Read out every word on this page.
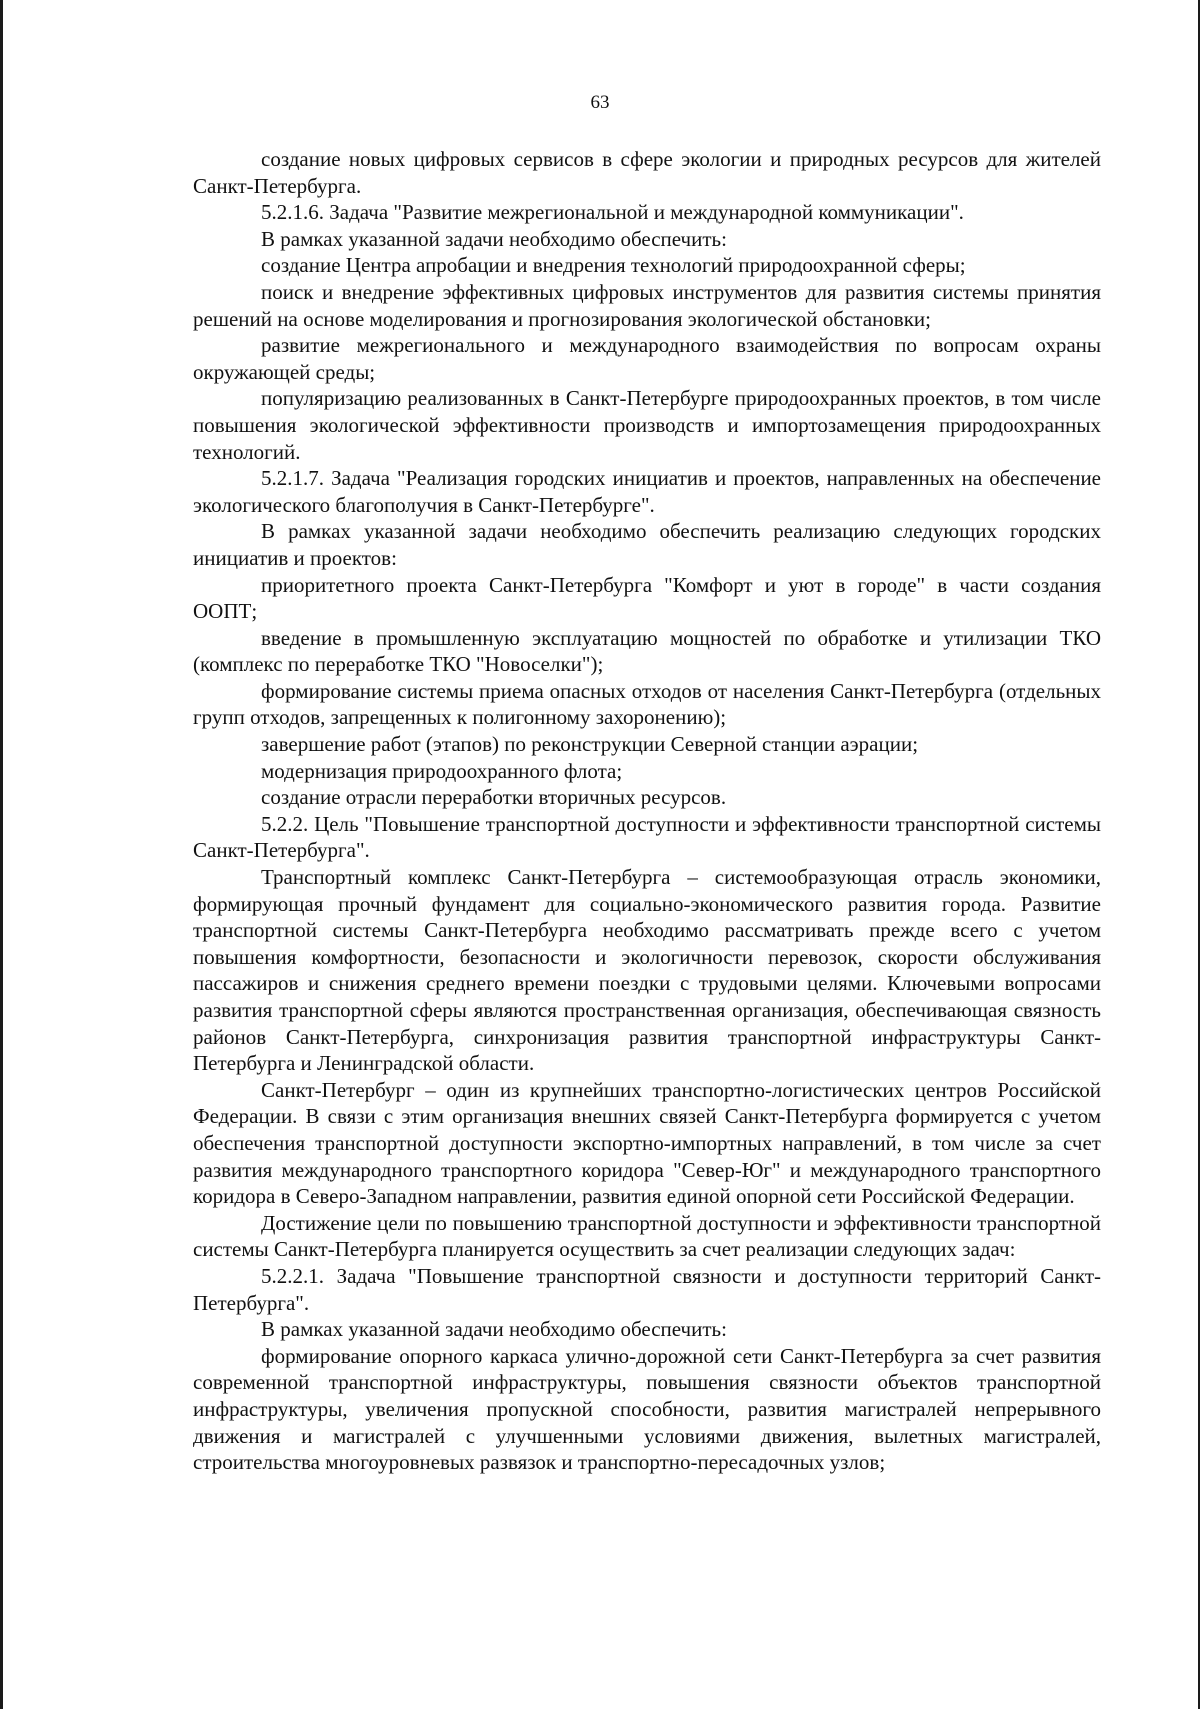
63

создание новых цифровых сервисов в сфере экологии и природных ресурсов для жителей Санкт-Петербурга.

5.2.1.6. Задача "Развитие межрегиональной и международной коммуникации".

В рамках указанной задачи необходимо обеспечить:

создание Центра апробации и внедрения технологий природоохранной сферы;

поиск и внедрение эффективных цифровых инструментов для развития системы принятия решений на основе моделирования и прогнозирования экологической обстановки;

развитие межрегионального и международного взаимодействия по вопросам охраны окружающей среды;

популяризацию реализованных в Санкт-Петербурге природоохранных проектов, в том числе повышения экологической эффективности производств и импортозамещения природоохранных технологий.

5.2.1.7. Задача "Реализация городских инициатив и проектов, направленных на обеспечение экологического благополучия в Санкт-Петербурге".

В рамках указанной задачи необходимо обеспечить реализацию следующих городских инициатив и проектов:

приоритетного проекта Санкт-Петербурга "Комфорт и уют в городе" в части создания ООПТ;

введение в промышленную эксплуатацию мощностей по обработке и утилизации ТКО (комплекс по переработке ТКО "Новоселки");

формирование системы приема опасных отходов от населения Санкт-Петербурга (отдельных групп отходов, запрещенных к полигонному захоронению);

завершение работ (этапов) по реконструкции Северной станции аэрации;

модернизация природоохранного флота;

создание отрасли переработки вторичных ресурсов.

5.2.2. Цель "Повышение транспортной доступности и эффективности транспортной системы Санкт-Петербурга".

Транспортный комплекс Санкт-Петербурга – системообразующая отрасль экономики, формирующая прочный фундамент для социально-экономического развития города. Развитие транспортной системы Санкт-Петербурга необходимо рассматривать прежде всего с учетом повышения комфортности, безопасности и экологичности перевозок, скорости обслуживания пассажиров и снижения среднего времени поездки с трудовыми целями. Ключевыми вопросами развития транспортной сферы являются пространственная организация, обеспечивающая связность районов Санкт-Петербурга, синхронизация развития транспортной инфраструктуры Санкт-Петербурга и Ленинградской области.

Санкт-Петербург – один из крупнейших транспортно-логистических центров Российской Федерации. В связи с этим организация внешних связей Санкт-Петербурга формируется с учетом обеспечения транспортной доступности экспортно-импортных направлений, в том числе за счет развития международного транспортного коридора "Север-Юг" и международного транспортного коридора в Северо-Западном направлении, развития единой опорной сети Российской Федерации.

Достижение цели по повышению транспортной доступности и эффективности транспортной системы Санкт-Петербурга планируется осуществить за счет реализации следующих задач:

5.2.2.1. Задача "Повышение транспортной связности и доступности территорий Санкт-Петербурга".

В рамках указанной задачи необходимо обеспечить:

формирование опорного каркаса улично-дорожной сети Санкт-Петербурга за счет развития современной транспортной инфраструктуры, повышения связности объектов транспортной инфраструктуры, увеличения пропускной способности, развития магистралей непрерывного движения и магистралей с улучшенными условиями движения, вылетных магистралей, строительства многоуровневых развязок и транспортно-пересадочных узлов;
